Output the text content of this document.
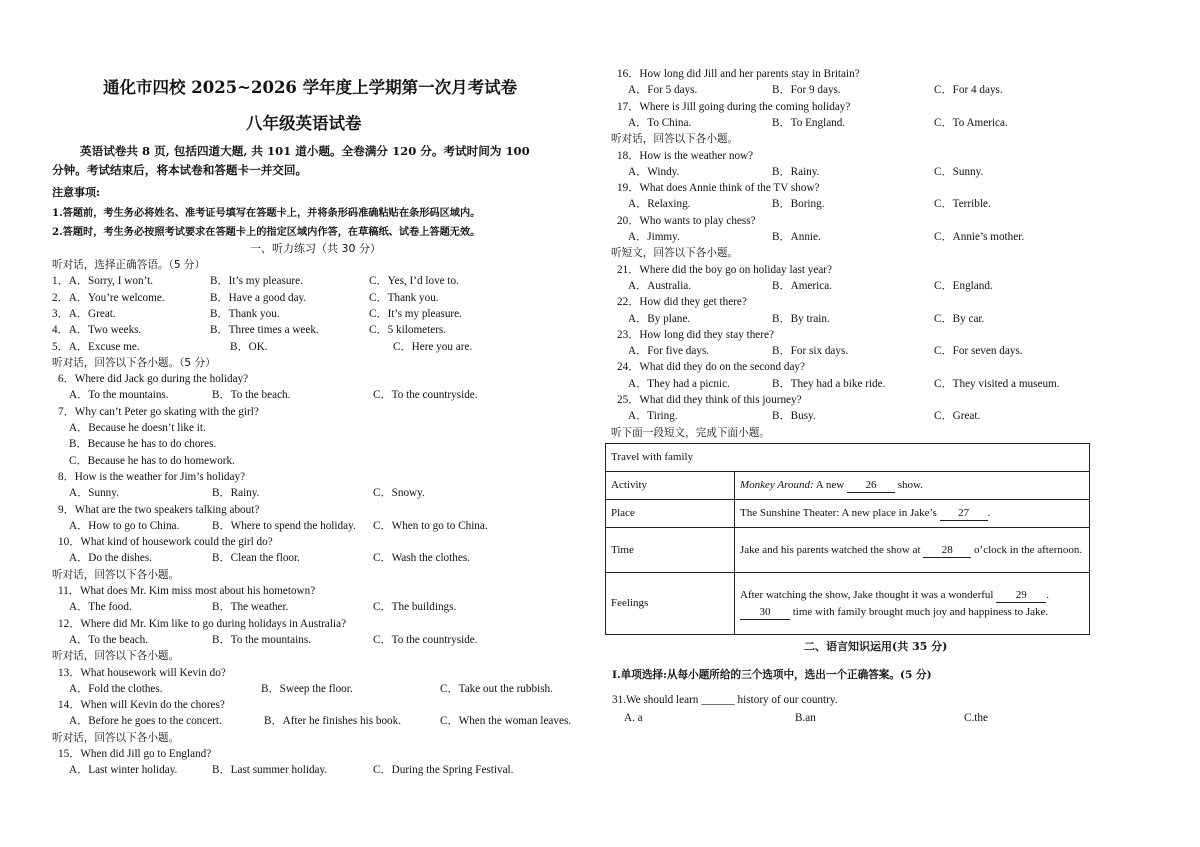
通化市四校 2025~2026 学年度上学期第一次月考试卷
八年级英语试卷
英语试卷共 8 页, 包括四道大题, 共 101 道小题。全卷满分 120 分。考试时间为 100
分钟。考试结束后，将本试卷和答题卡一并交回。
注意事项:
1.答题前，考生务必将姓名、准考证号填写在答题卡上，并将条形码准确粘贴在条形码区域内。
2.答题时，考生务必按照考试要求在答题卡上的指定区域内作答，在草稿纸、试卷上答题无效。
一、听力练习（共 30 分）
听对话，选择正确答语。（5 分）
1．A．Sorry, I won’t.	B．It’s my pleasure.	C．Yes, I’d love to.
2．A．You’re welcome.	B．Have a good day.	C．Thank you.
3．A．Great.	B．Thank you.	C．It’s my pleasure.
4．A．Two weeks.	B．Three times a week.	C．5 kilometers.
5．A．Excuse me.	B．OK.	C．Here you are.
听对话，回答以下各小题。（5 分）
6．Where did Jack go during the holiday?
A．To the mountains.	B．To the beach.	C．To the countryside.
7．Why can’t Peter go skating with the girl?
A．Because he doesn’t like it.
B．Because he has to do chores.
C．Because he has to do homework.
8．How is the weather for Jim’s holiday?
A．Sunny.	B．Rainy.	C．Snowy.
9．What are the two speakers talking about?
A．How to go to China.	B．Where to spend the holiday. C．When to go to China.
10．What kind of housework could the girl do?
A．Do the dishes.	B．Clean the floor.	C．Wash the clothes.
听对话，回答以下各小题。
11．What does Mr. Kim miss most about his hometown?
A．The food.	B．The weather.	C．The buildings.
12．Where did Mr. Kim like to go during holidays in Australia?
A．To the beach.	B．To the mountains.	C．To the countryside.
听对话，回答以下各小题。
13．What housework will Kevin do?
A．Fold the clothes.	B．Sweep the floor.	C．Take out the rubbish.
14．When will Kevin do the chores?
A．Before he goes to the concert.	B．After he finishes his book.	C．When the woman leaves.
听对话，回答以下各小题。
15．When did Jill go to England?
A．Last winter holiday.	B．Last summer holiday.	C．During the Spring Festival.
16．How long did Jill and her parents stay in Britain?
A．For 5 days.	B．For 9 days.	C．For 4 days.
17．Where is Jill going during the coming holiday?
A．To China.	B．To England.	C．To America.
听对话，回答以下各小题。
18．How is the weather now?
A．Windy.	B．Rainy.	C．Sunny.
19．What does Annie think of the TV show?
A．Relaxing.	B．Boring.	C．Terrible.
20．Who wants to play chess?
A．Jimmy.	B．Annie.	C．Annie’s mother.
听短文，回答以下各小题。
21．Where did the boy go on holiday last year?
A．Australia.	B．America.	C．England.
22．How did they get there?
A．By plane.	B．By train.	C．By car.
23．How long did they stay there?
A．For five days.	B．For six days.	C．For seven days.
24．What did they do on the second day?
A．They had a picnic.	B．They had a bike ride.	C．They visited a museum.
25．What did they think of this journey?
A．Tiring.	B．Busy.	C．Great.
听下面一段短文，完成下面小题。
Travel with family	
Activity	Monkey Around: A new 26 show.
Place	The Sunshine Theater: A new place in Jake’s 27 .
Time	Jake and his parents watched the show at 28 o’clock in the afternoon.
Feelings	After watching the show, Jake thought it was a wonderful 29 . 30 time with family brought much joy and happiness to Jake.
二、语言知识运用(共 35 分)
Ⅰ.单项选择:从每小题所给的三个选项中，选出一个正确答案。(5 分)
31.We should learn ______ history of our country.
A. a	B.an	C.the
